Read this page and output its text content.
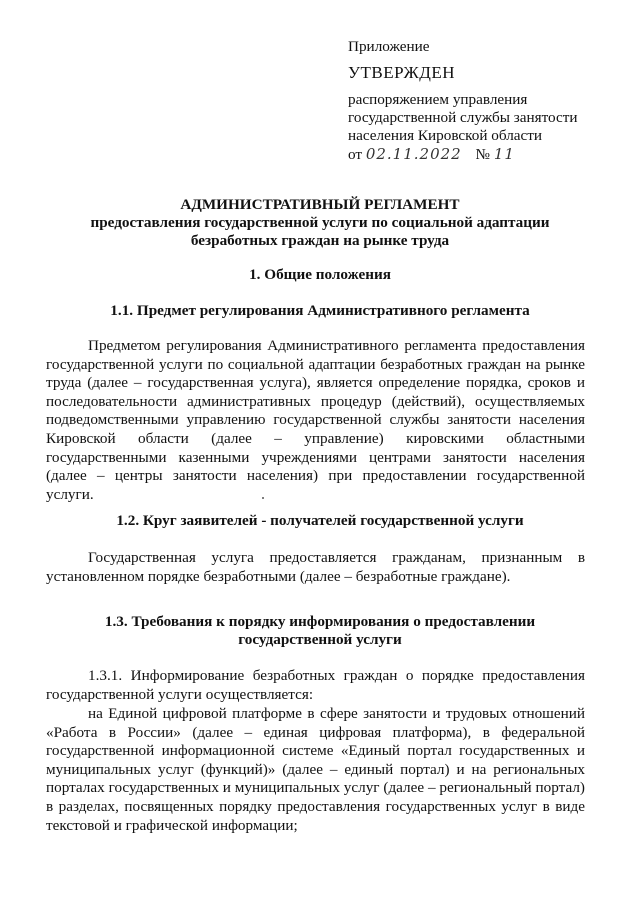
Приложение
УТВЕРЖДЕН
распоряжением управления
государственной службы занятости
населения Кировской области
от 02.11.2022 № 11
АДМИНИСТРАТИВНЫЙ РЕГЛАМЕНТ
предоставления государственной услуги по социальной адаптации
безработных граждан на рынке труда
1. Общие положения
1.1. Предмет регулирования Административного регламента

Предметом регулирования Административного регламента предоставления государственной услуги по социальной адаптации безработных граждан на рынке труда (далее – государственная услуга), является определение порядка, сроков и последовательности административных процедур (действий), осуществляемых подведомственными управлению государственной службы занятости населения Кировской области (далее – управление) кировскими областными государственными казенными учреждениями центрами занятости населения (далее – центры занятости населения) при предоставлении государственной услуги.

1.2. Круг заявителей - получателей государственной услуги

Государственная услуга предоставляется гражданам, признанным в установленном порядке безработными (далее – безработные граждане).

1.3. Требования к порядку информирования о предоставлении
государственной услуги

1.3.1. Информирование безработных граждан о порядке предоставления государственной услуги осуществляется:

на Единой цифровой платформе в сфере занятости и трудовых отношений «Работа в России» (далее – единая цифровая платформа), в федеральной государственной информационной системе «Единый портал государственных и муниципальных услуг (функций)» (далее – единый портал) и на региональных порталах государственных и муниципальных услуг (далее – региональный портал) в разделах, посвященных порядку предоставления государственных услуг в виде текстовой и графической информации;
